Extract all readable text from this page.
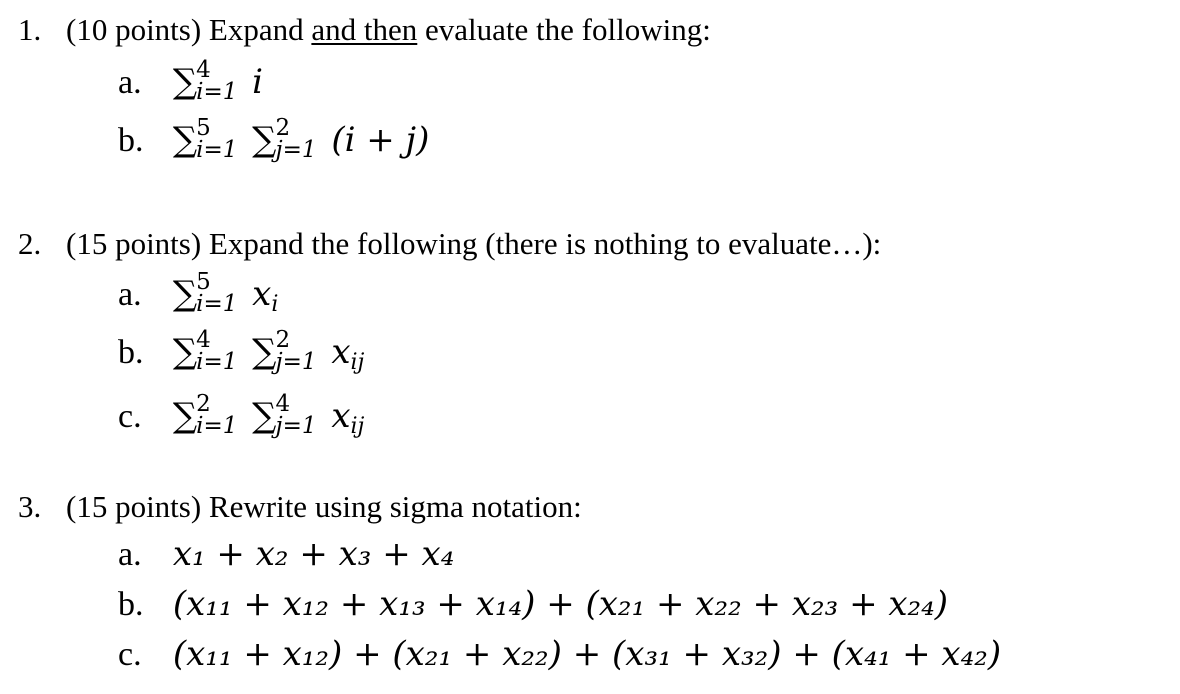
1. (10 points) Expand and then evaluate the following:
a. ∑ 4
i=1 i
b. ∑ 5
i=1
∑ 2
j=1 (i + j)
2. (15 points) Expand the following (there is nothing to evaluate…):
a. ∑ 5
i=1 $x_i$
b. ∑ 4
i=1
∑ 2
j=1 $x_{ij}$
c. ∑ 2
i=1
∑ 4
j=1 $x_{ij}$
3. (15 points) Rewrite using sigma notation:
a. x₁ + x₂ + x₃ + x₄
b. (x₁₁ + x₁₂ + x₁₃ + x₁₄) + (x₂₁ + x₂₂ + x₂₃ + x₂₄)
c. (x₁₁ + x₁₂) + (x₂₁ + x₂₂) + (x₃₁ + x₃₂) + (x₄₁ + x₄₂)
